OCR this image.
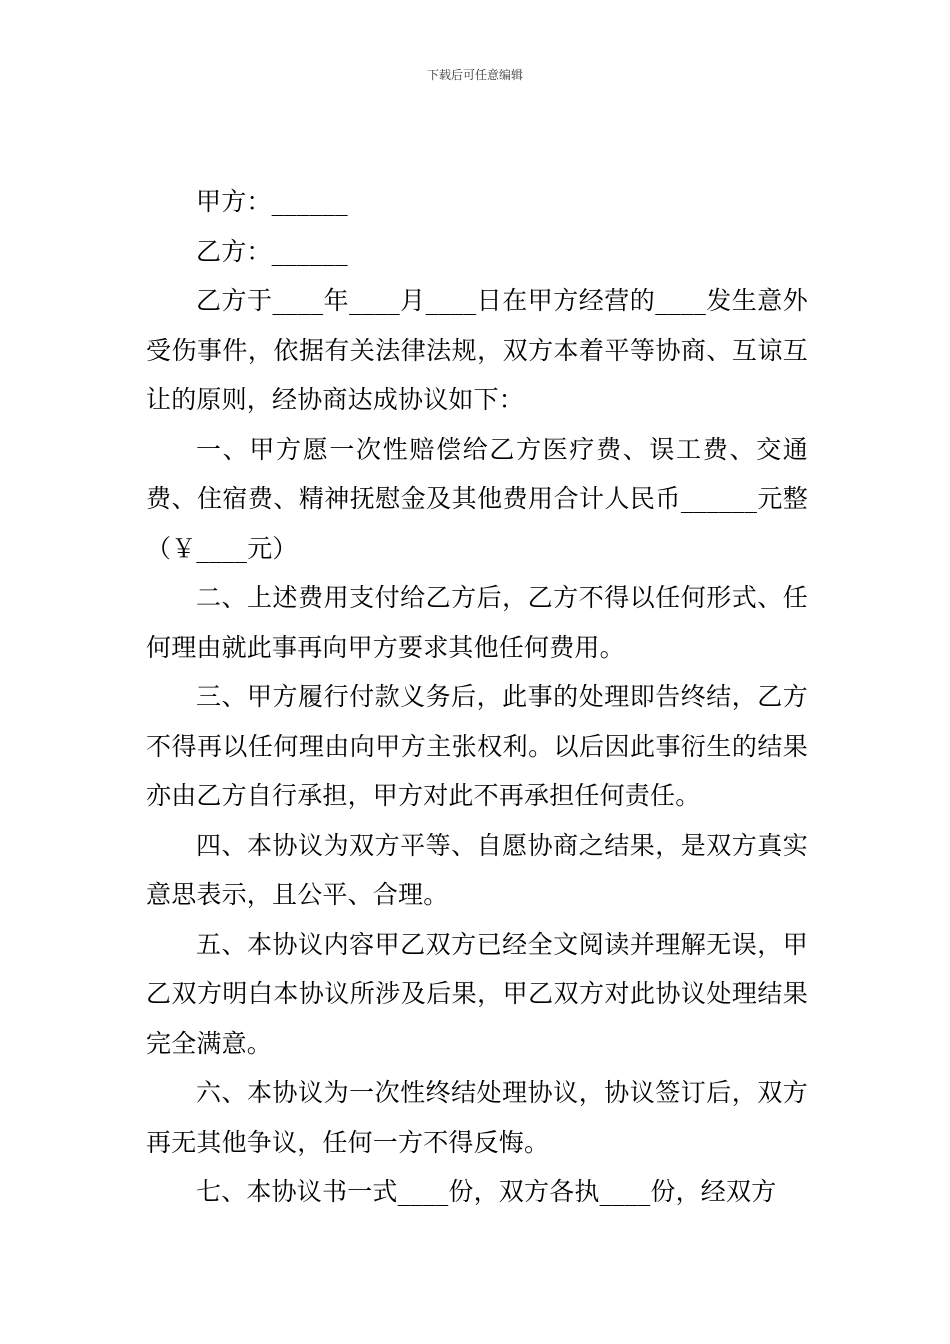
下载后可任意编辑

甲方：______

乙方：______

乙方于____年____月____日在甲方经营的____发生意外受伤事件，依据有关法律法规，双方本着平等协商、互谅互让的原则，经协商达成协议如下：

一、甲方愿一次性赔偿给乙方医疗费、误工费、交通费、住宿费、精神抚慰金及其他费用合计人民币______元整（￥____元）

二、上述费用支付给乙方后，乙方不得以任何形式、任何理由就此事再向甲方要求其他任何费用。

三、甲方履行付款义务后，此事的处理即告终结，乙方不得再以任何理由向甲方主张权利。以后因此事衍生的结果亦由乙方自行承担，甲方对此不再承担任何责任。

四、本协议为双方平等、自愿协商之结果，是双方真实意思表示，且公平、合理。

五、本协议内容甲乙双方已经全文阅读并理解无误，甲乙双方明白本协议所涉及后果，甲乙双方对此协议处理结果完全满意。

六、本协议为一次性终结处理协议，协议签订后，双方再无其他争议，任何一方不得反悔。

七、本协议书一式____份，双方各执____份，经双方
